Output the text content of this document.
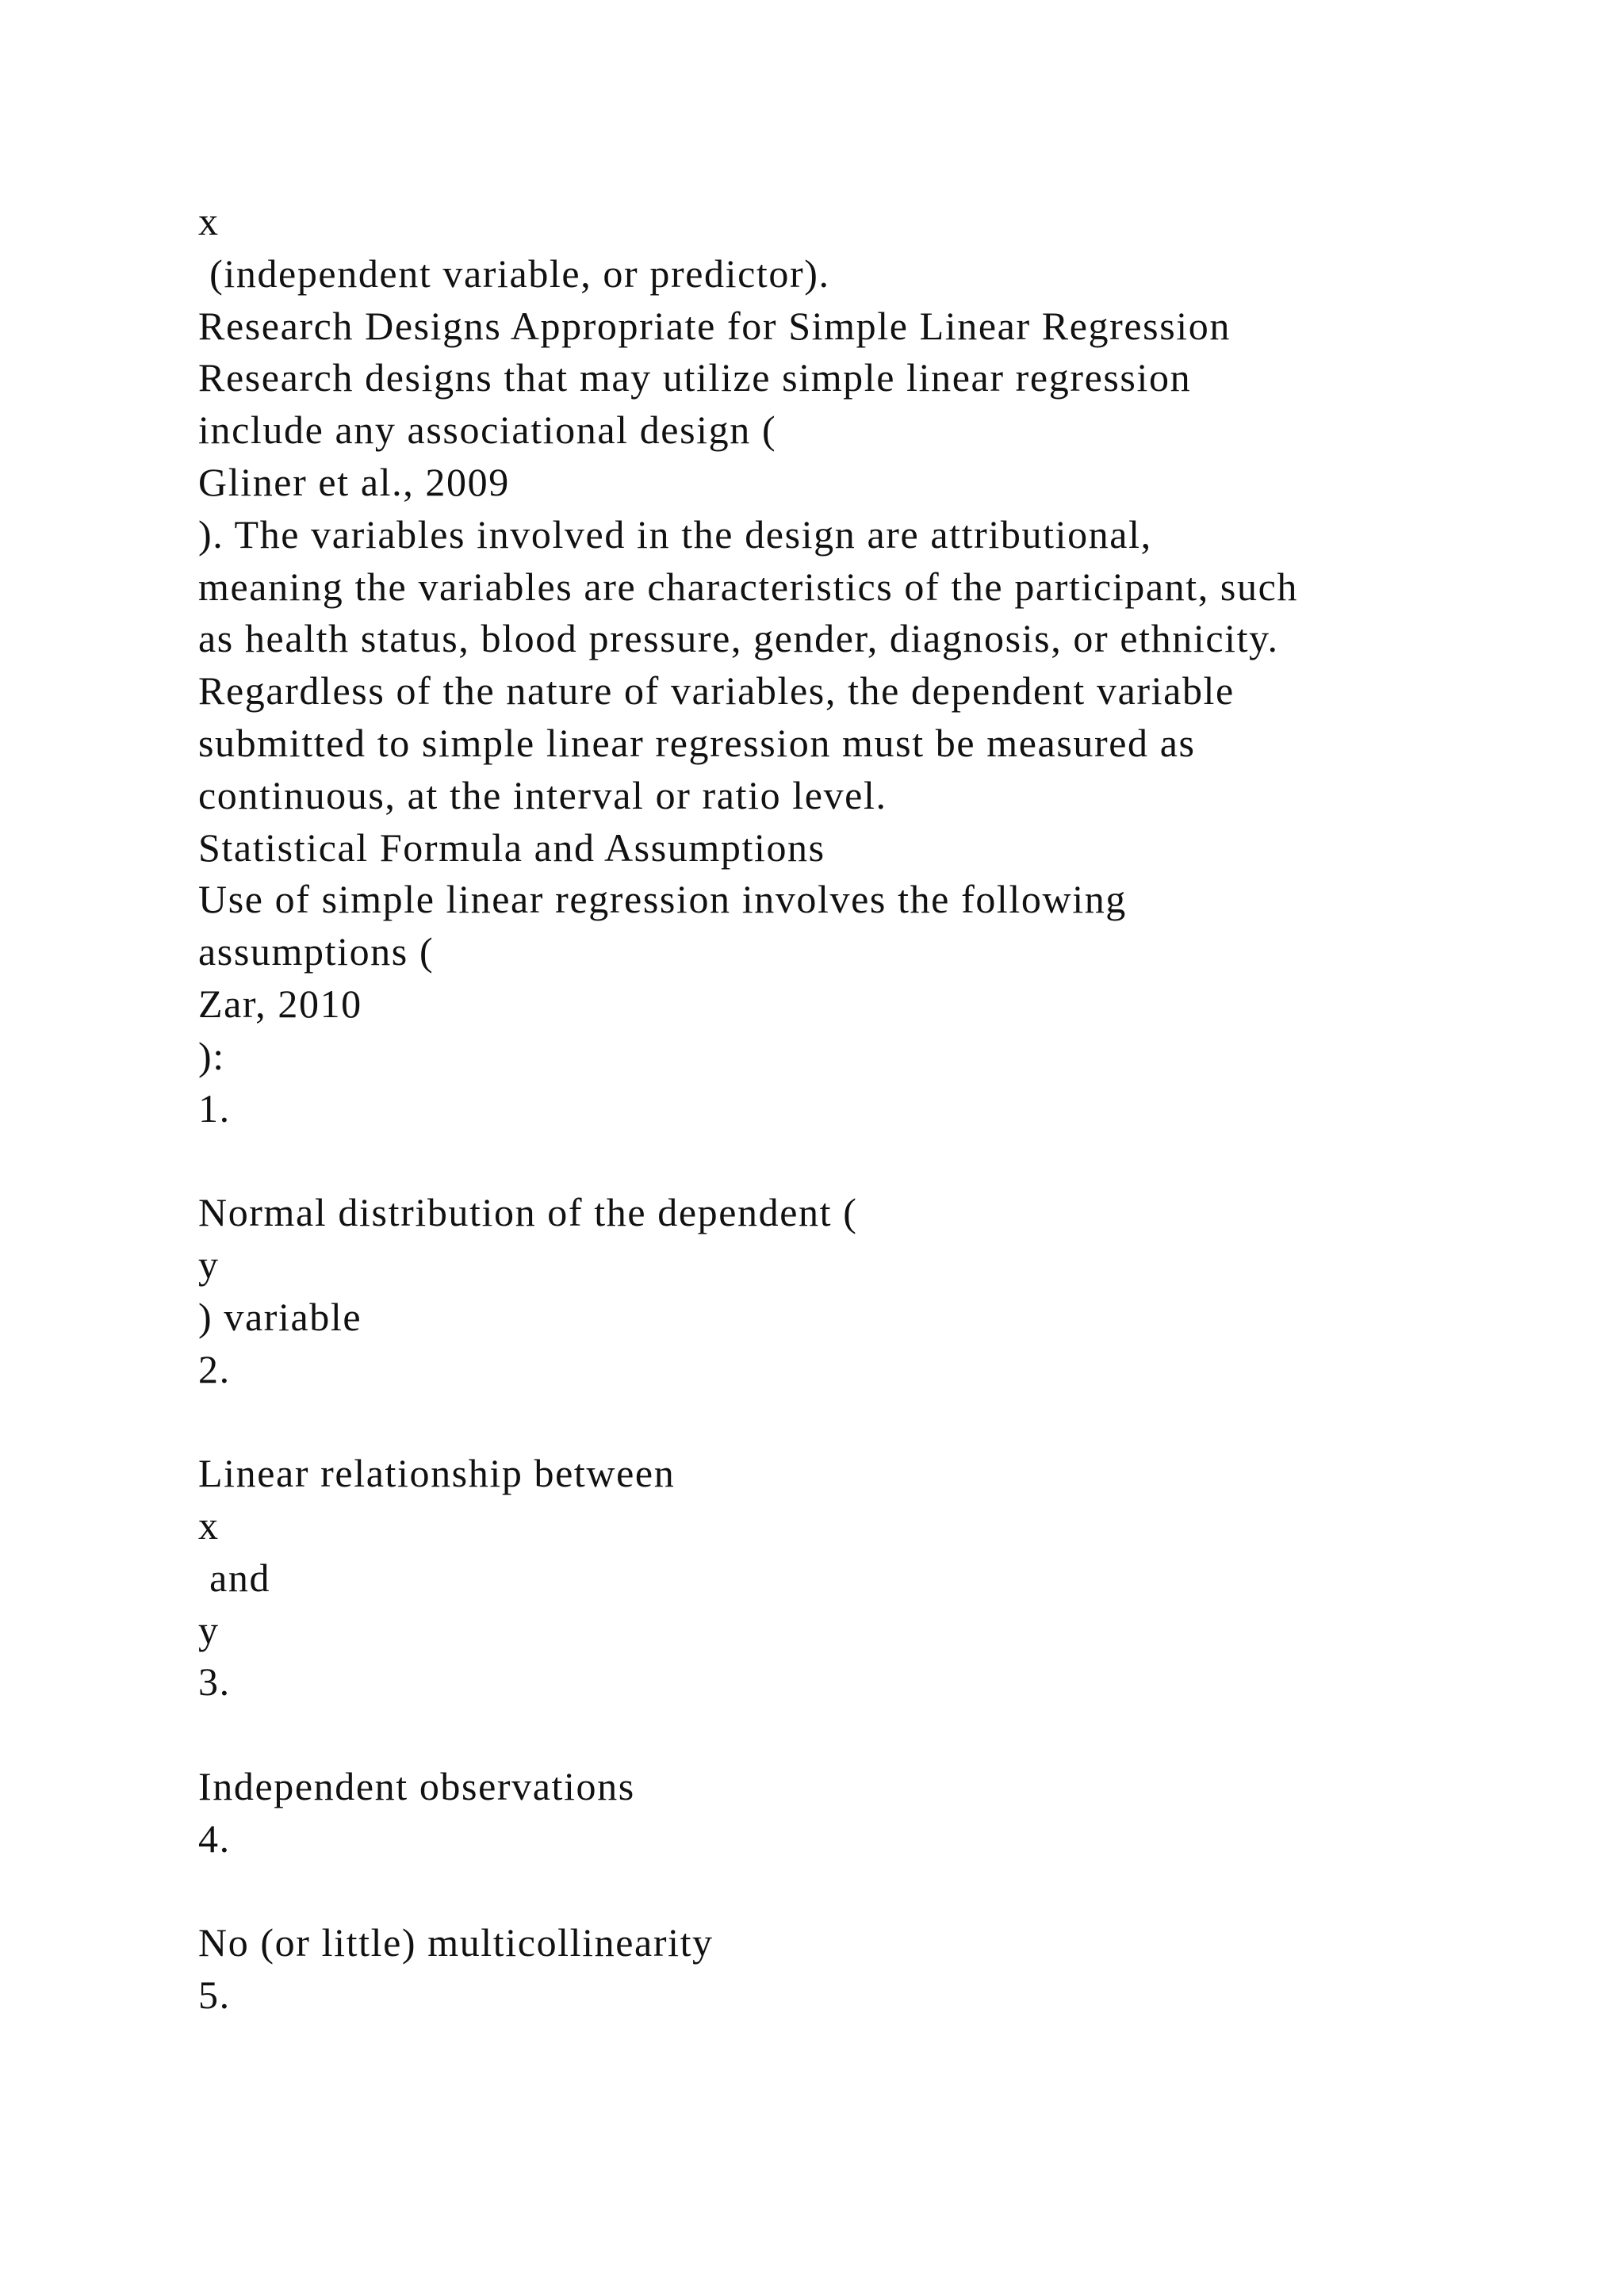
x
(independent variable, or predictor).
Research Designs Appropriate for Simple Linear Regression
Research designs that may utilize simple linear regression
include any associational design (
Gliner et al., 2009
). The variables involved in the design are attributional,
meaning the variables are characteristics of the participant, such
as health status, blood pressure, gender, diagnosis, or ethnicity.
Regardless of the nature of variables, the dependent variable
submitted to simple linear regression must be measured as
continuous, at the interval or ratio level.
Statistical Formula and Assumptions
Use of simple linear regression involves the following
assumptions (
Zar, 2010
):
1.
Normal distribution of the dependent (
y
) variable
2.
Linear relationship between
x
and
y
3.
Independent observations
4.
No (or little) multicollinearity
5.
